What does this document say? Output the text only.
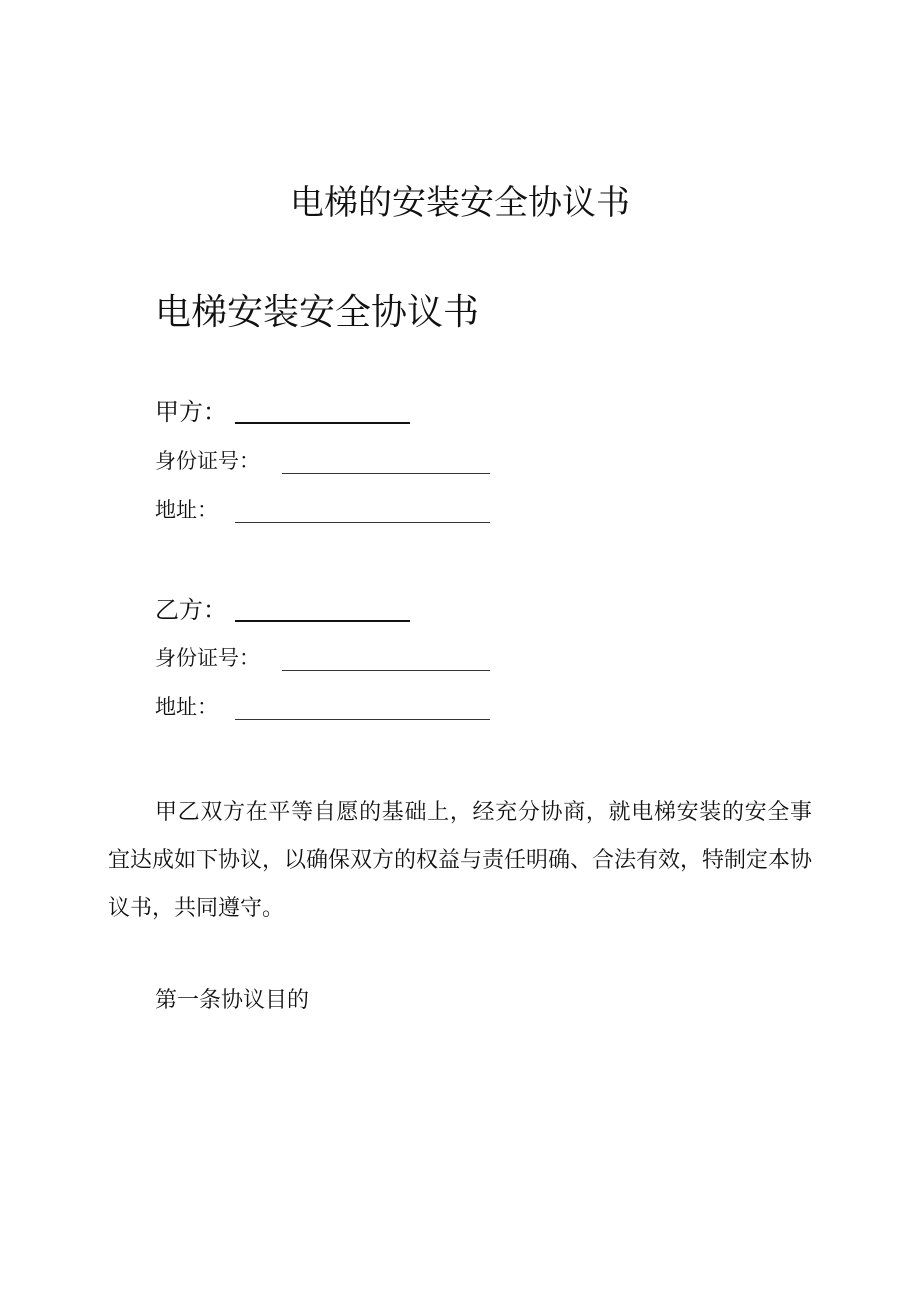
电梯的安装安全协议书
电梯安装安全协议书
甲方：
身份证号：
地址：
乙方：
身份证号：
地址：

甲乙双方在平等自愿的基础上，经充分协商，就电梯安装的安全事宜达成如下协议，以确保双方的权益与责任明确、合法有效，特制定本协议书，共同遵守。

第一条协议目的
